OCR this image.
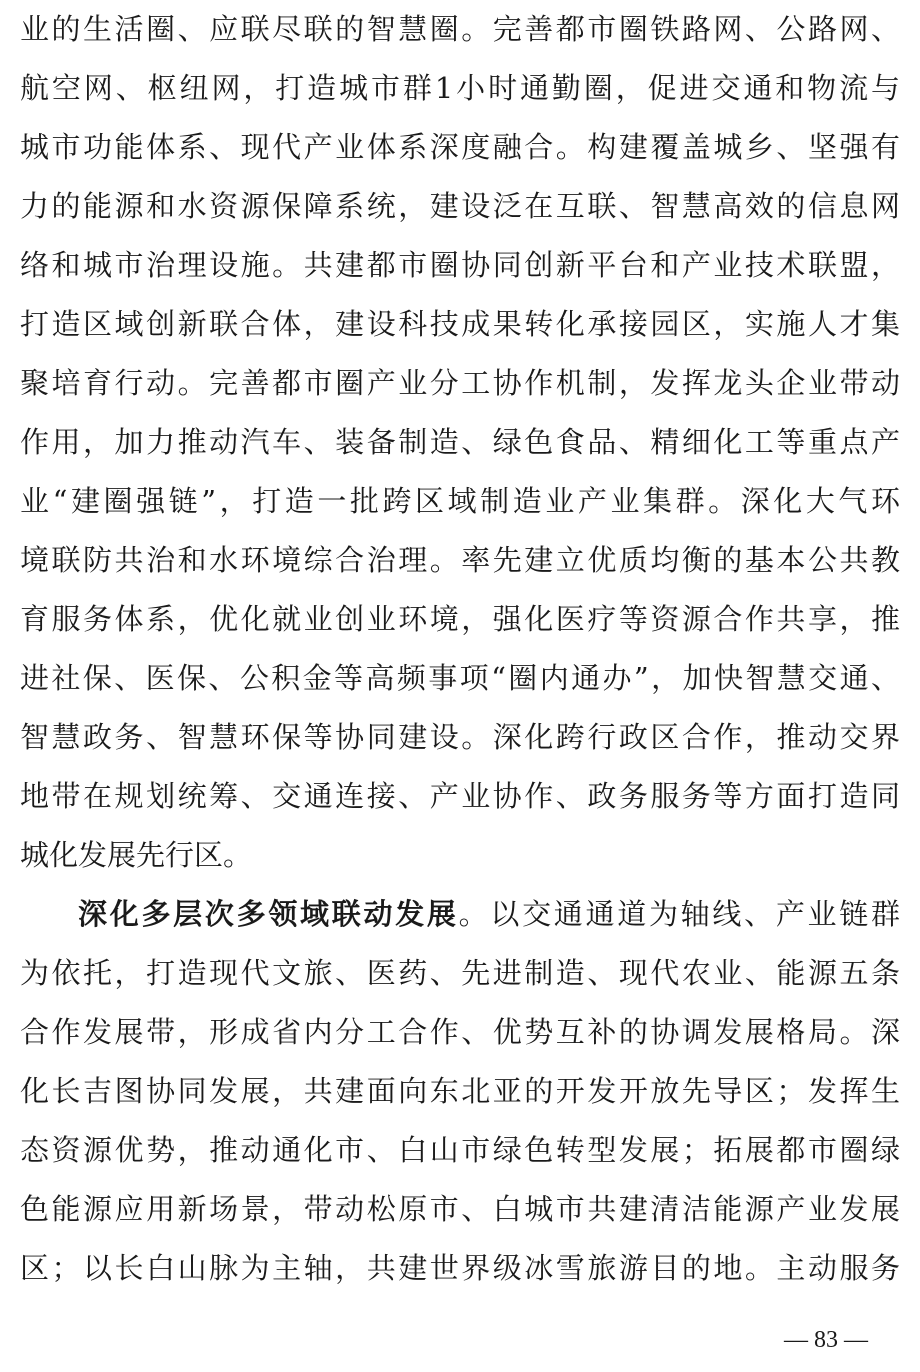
业的生活圈、应联尽联的智慧圈。完善都市圈铁路网、公路网、
航空网、枢纽网，打造城市群1小时通勤圈，促进交通和物流与
城市功能体系、现代产业体系深度融合。构建覆盖城乡、坚强有
力的能源和水资源保障系统，建设泛在互联、智慧高效的信息网
络和城市治理设施。共建都市圈协同创新平台和产业技术联盟，
打造区域创新联合体，建设科技成果转化承接园区，实施人才集
聚培育行动。完善都市圈产业分工协作机制，发挥龙头企业带动
作用，加力推动汽车、装备制造、绿色食品、精细化工等重点产
业“建圈强链”，打造一批跨区域制造业产业集群。深化大气环
境联防共治和水环境综合治理。率先建立优质均衡的基本公共教
育服务体系，优化就业创业环境，强化医疗等资源合作共享，推
进社保、医保、公积金等高频事项“圈内通办”，加快智慧交通、
智慧政务、智慧环保等协同建设。深化跨行政区合作，推动交界
地带在规划统筹、交通连接、产业协作、政务服务等方面打造同
城化发展先行区。
深化多层次多领域联动发展。以交通通道为轴线、产业链群
为依托，打造现代文旅、医药、先进制造、现代农业、能源五条
合作发展带，形成省内分工合作、优势互补的协调发展格局。深
化长吉图协同发展，共建面向东北亚的开发开放先导区；发挥生
态资源优势，推动通化市、白山市绿色转型发展；拓展都市圈绿
色能源应用新场景，带动松原市、白城市共建清洁能源产业发展
区；以长白山脉为主轴，共建世界级冰雪旅游目的地。主动服务
— 83 —
